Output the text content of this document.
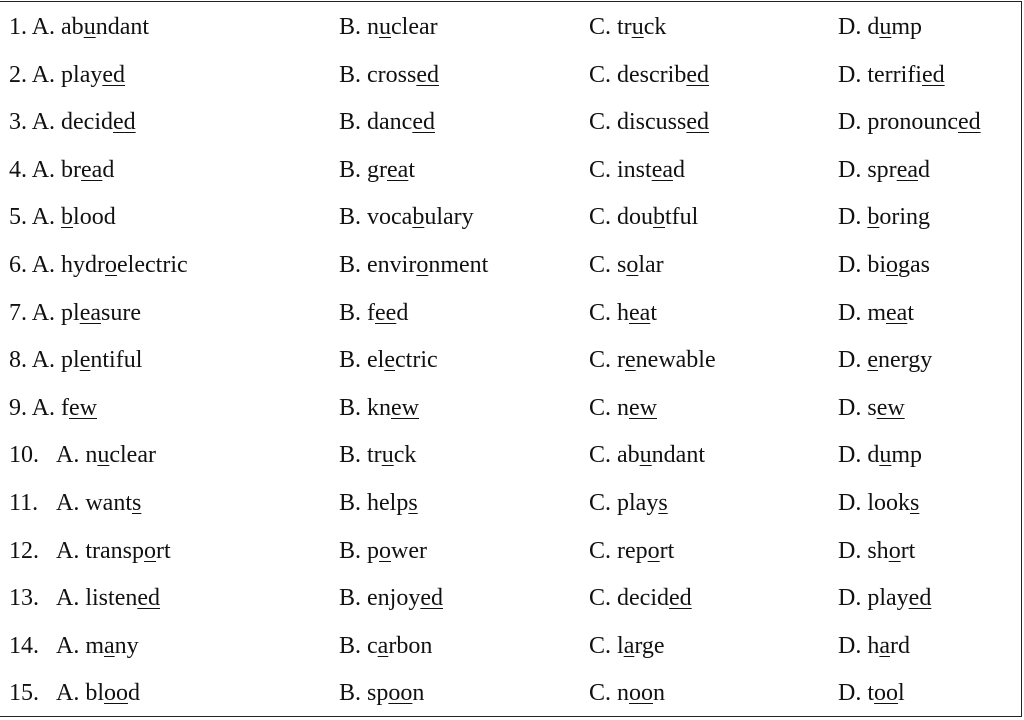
1. A. abundant	B. nuclear	C. truck	D. dump
2. A. played	B. crossed	C. described	D. terrified
3. A. decided	B. danced	C. discussed	D. pronounced
4. A. bread	B. great	C. instead	D. spread
5. A. blood	B. vocabulary	C. doubtful	D. boring
6. A. hydroelectric	B. environment	C. solar	D. biogas
7. A. pleasure	B. feed	C. heat	D. meat
8. A. plentiful	B. electric	C. renewable	D. energy
9. A. few	B. knew	C. new	D. sew
10. A. nuclear	B. truck	C. abundant	D. dump
11. A. wants	B. helps	C. plays	D. looks
12. A. transport	B. power	C. report	D. short
13. A. listened	B. enjoyed	C. decided	D. played
14. A. many	B. carbon	C. large	D. hard
15. A. blood	B. spoon	C. noon	D. tool
